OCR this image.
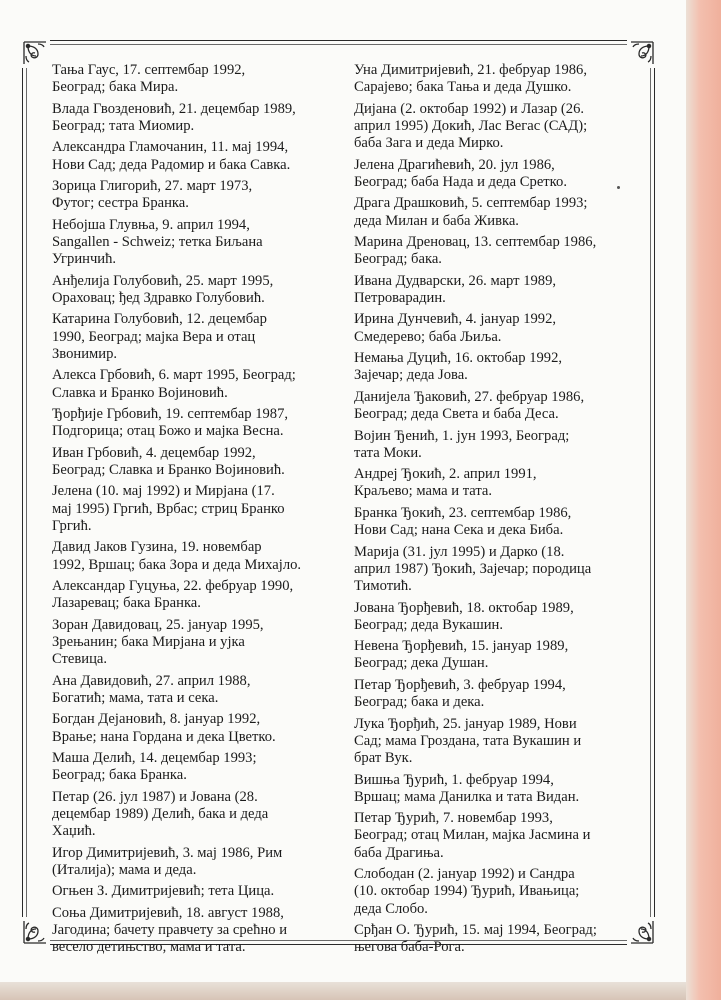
Тања Гаус, 17. септембар 1992,
Београд; бака Мира.
Влада Гвозденовић, 21. децембар 1989,
Београд; тата Миомир.
Александра Гламочанин, 11. мај 1994,
Нови Сад; деда Радомир и бака Савка.
Зорица Глигорић, 27. март 1973,
Футог; сестра Бранка.
Небојша Глувња, 9. април 1994,
Sangallen - Schweiz; тетка Биљана
Угринчић.
Анђелија Голубовић, 25. март 1995,
Ораховац; ђед Здравко Голубовић.
Катарина Голубовић, 12. децембар
1990, Београд; мајка Вера и отац
Звонимир.
Алекса Грбовић, 6. март 1995, Београд;
Славка и Бранко Војиновић.
Ђорђије Грбовић, 19. септембар 1987,
Подгорица; отац Божо и мајка Весна.
Иван Грбовић, 4. децембар 1992,
Београд; Славка и Бранко Војиновић.
Јелена (10. мај 1992) и Мирјана (17.
мај 1995) Гргић, Врбас; стриц Бранко
Гргић.
Давид Јаков Гузина, 19. новембар
1992, Вршац; бака Зора и деда Михајло.
Александар Гуцуња, 22. фебруар 1990,
Лазаревац; бака Бранка.
Зоран Давидовац, 25. јануар 1995,
Зрењанин; бака Мирјана и ујка
Стевица.
Ана Давидовић, 27. април 1988,
Богатић; мама, тата и сека.
Богдан Дејановић, 8. јануар 1992,
Врање; нана Гордана и дека Цветко.
Маша Делић, 14. децембар 1993;
Београд; бака Бранка.
Петар (26. јул 1987) и Јована (28.
децембар 1989) Делић, бака и деда
Хаџић.
Игор Димитријевић, 3. мај 1986, Рим
(Италија); мама и деда.
Огњен З. Димитријевић; тета Цица.
Соња Димитријевић, 18. август 1988,
Јагодина; бачету правчету за срећно и
весело детињство, мама и тата.
Уна Димитријевић, 21. фебруар 1986,
Сарајево; бака Тања и деда Душко.
Дијана (2. октобар 1992) и Лазар (26.
април 1995) Докић, Лас Вегас (САД);
баба Зага и деда Мирко.
Јелена Драгићевић, 20. јул 1986,
Београд; баба Нада и деда Сретко.
Драга Драшковић, 5. септембар 1993;
деда Милан и баба Живка.
Марина Дреновац, 13. септембар 1986,
Београд; бака.
Ивана Дудварски, 26. март 1989,
Петроварадин.
Ирина Дунчевић, 4. јануар 1992,
Смедерево; баба Љиља.
Немања Дуцић, 16. октобар 1992,
Зајечар; деда Јова.
Данијела Ђаковић, 27. фебруар 1986,
Београд; деда Света и баба Деса.
Војин Ђенић, 1. јун 1993, Београд;
тата Моки.
Андреј Ђокић, 2. април 1991,
Краљево; мама и тата.
Бранка Ђокић, 23. септембар 1986,
Нови Сад; нана Сека и дека Биба.
Марија (31. јул 1995) и Дарко (18.
април 1987) Ђокић, Зајечар; породица
Тимотић.
Јована Ђорђевић, 18. октобар 1989,
Београд; деда Вукашин.
Невена Ђорђевић, 15. јануар 1989,
Београд; дека Душан.
Петар Ђорђевић, 3. фебруар 1994,
Београд; бака и дека.
Лука Ђорђић, 25. јануар 1989, Нови
Сад; мама Гроздана, тата Вукашин и
брат Вук.
Вишња Ђурић, 1. фебруар 1994,
Вршац; мама Данилка и тата Видан.
Петар Ђурић, 7. новембар 1993,
Београд; отац Милан, мајка Јасмина и
баба Драгиња.
Слободан (2. јануар 1992) и Сандра
(10. октобар 1994) Ђурић, Ивањица;
деда Слобо.
Срђан О. Ђурић, 15. мај 1994, Београд;
његова баба-Рога.
